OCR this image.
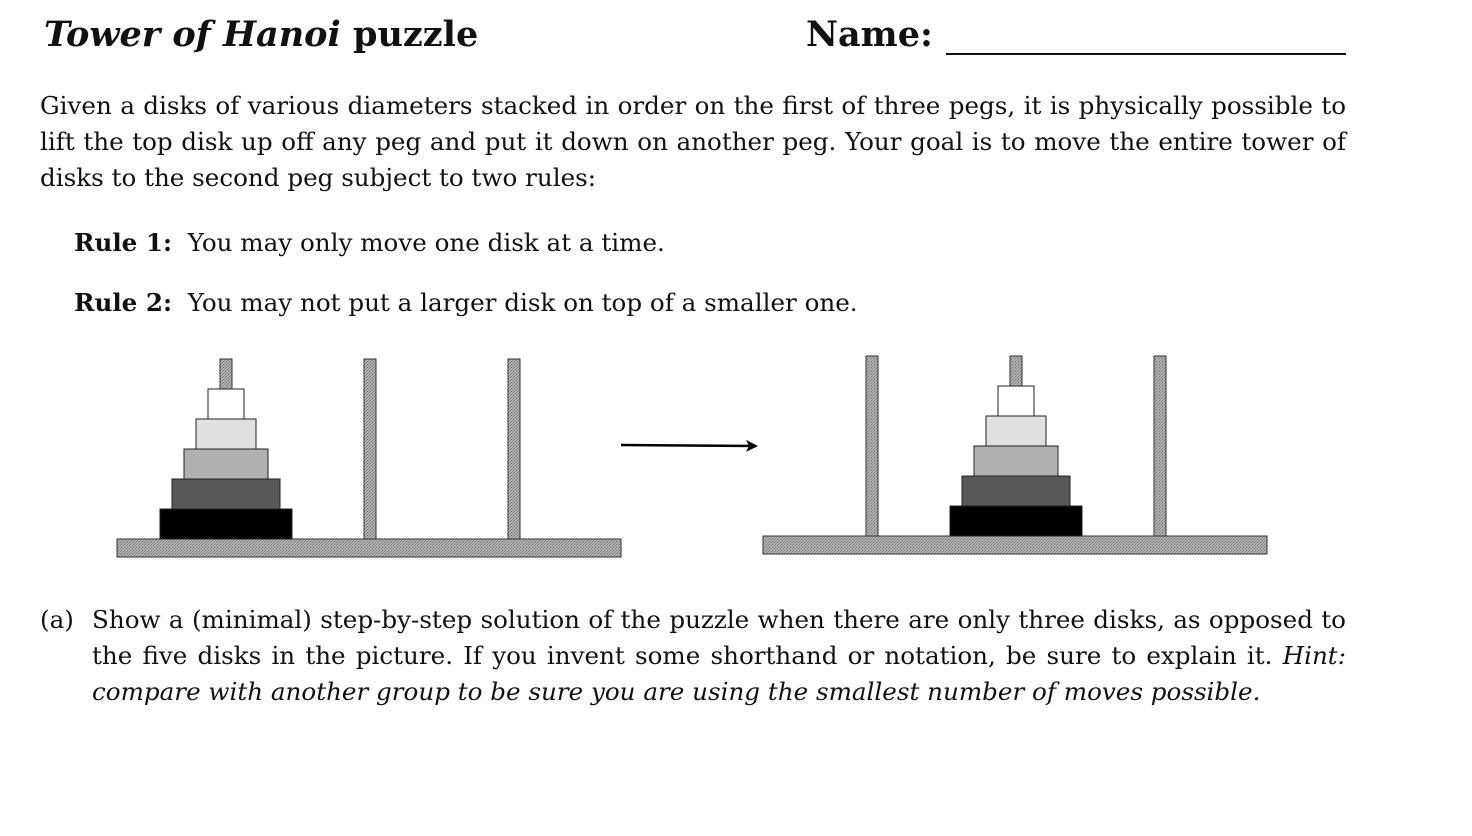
Tower of Hanoi puzzle	Name:

Given a disks of various diameters stacked in order on the first of three pegs, it is physically possible to lift the top disk up off any peg and put it down on another peg. Your goal is to move the entire tower of disks to the second peg subject to two rules:

Rule 1: You may only move one disk at a time.
Rule 2: You may not put a larger disk on top of a smaller one.
(a) Show a (minimal) step-by-step solution of the puzzle when there are only three disks, as opposed to the five disks in the picture. If you invent some shorthand or notation, be sure to explain it. Hint: compare with another group to be sure you are using the smallest number of moves possible.
